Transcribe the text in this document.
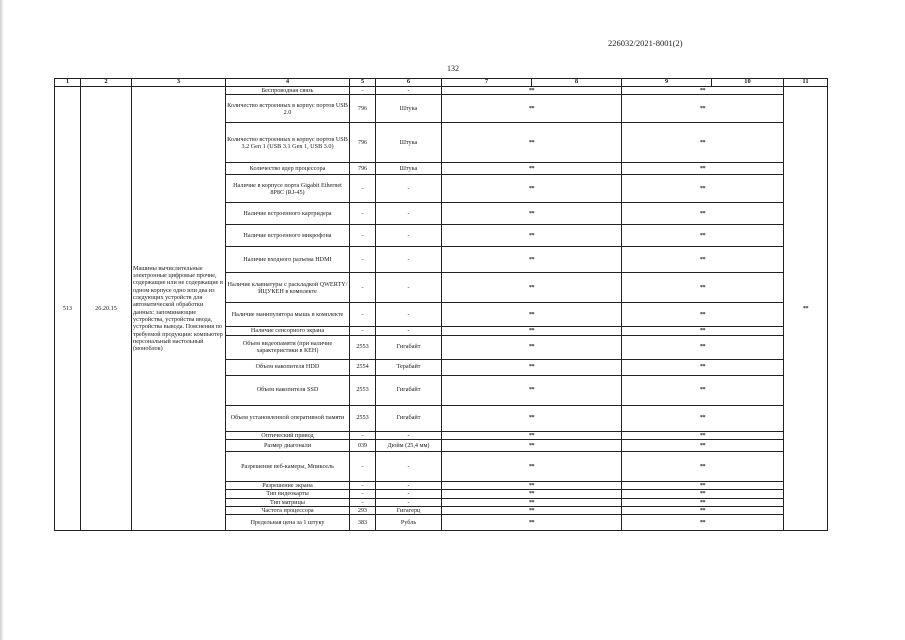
226032/2021-8001(2)
132
1	2	3	4	5	6	7	8	9	10	11
513	26.20.15	Машины вычислительные электронные цифровые прочие, содержащие или не содержащие в одном корпусе одно или два из следующих устройств для автоматической обработки данных: запоминающие устройства, устройства ввода, устройства вывода. Пояснения по требуемой продукции: компьютер персональный настольный (моноблок)	Беспроводная связь	-	-	**		**		**
			Количество встроенных в корпус портов USB 2.0	796	Штука	**		**		
			Количество встроенных в корпус портов USB 3.2 Gen 1 (USB 3.1 Gen 1, USB 3.0)	796	Штука	**		**		
			Количество ядер процессора	796	Штука	**		**		
			Наличие в корпусе порта Gigabit Ethernet 8P8C (RJ-45)	-	-	**		**		
			Наличие встроенного картридера	-	-	**		**		
			Наличие встроенного микрофона	-	-	**		**		
			Наличие входного разъема HDMI	-	-	**		**		
			Наличие клавиатуры с раскладкой QWERTY/ЙЦУКЕН в комплекте	-	-	**		**		
			Наличие манипулятора мышь в комплекте	-	-	**		**		
			Наличие сенсорного экрана	-	-	**		**		
			Объем видеопамяти (при наличие характеристики в КЕН)	2553	Гигабайт	**		**		
			Объем накопителя HDD	2554	Терабайт	**		**		
			Объем накопителя SSD	2553	Гигабайт	**		**		
			Объем установленной оперативной памяти	2553	Гигабайт	**		**		
			Оптический привод	-	-	**		**		
			Размер диагонали	039	Дюйм (25,4 мм)	**		**		
			Разрешение веб-камеры, Мпиксель	-	-	**		**		
			Разрешение экрана	-	-	**		**		
			Тип видеокарты	-	-	**		**		
			Тип матрицы	-	-	**		**		
			Частота процессора	293	Гигагерц	**		**		
			Предельная цена за 1 штуку	383	Рубль	**		**		
